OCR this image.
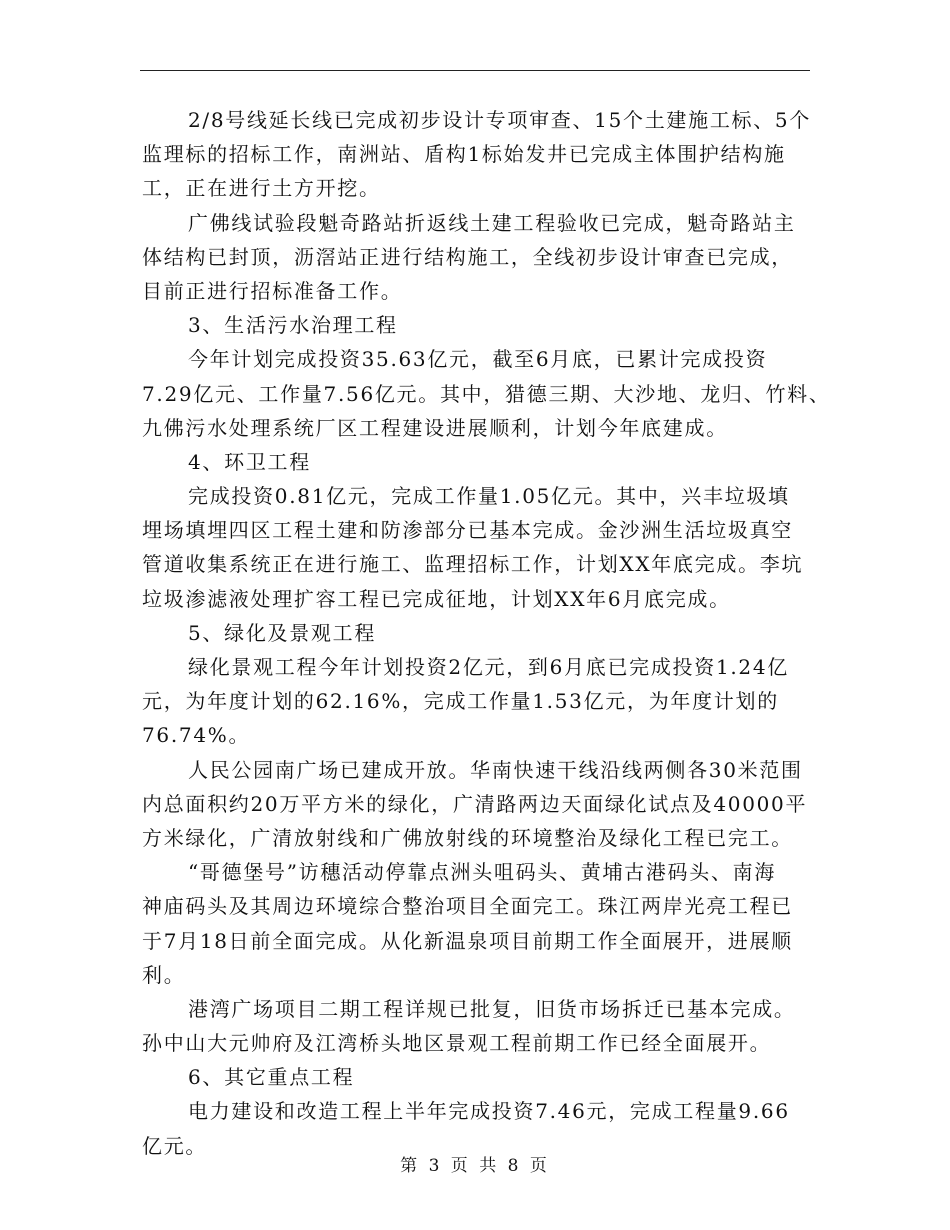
2/8号线延长线已完成初步设计专项审查、15个土建施工标、5个
监理标的招标工作，南洲站、盾构1标始发井已完成主体围护结构施
工，正在进行土方开挖。
广佛线试验段魁奇路站折返线土建工程验收已完成，魁奇路站主
体结构已封顶，沥滘站正进行结构施工，全线初步设计审查已完成，
目前正进行招标准备工作。
3、生活污水治理工程
今年计划完成投资35.63亿元，截至6月底，已累计完成投资
7.29亿元、工作量7.56亿元。其中，猎德三期、大沙地、龙归、竹料、
九佛污水处理系统厂区工程建设进展顺利，计划今年底建成。
4、环卫工程
完成投资0.81亿元，完成工作量1.05亿元。其中，兴丰垃圾填
埋场填埋四区工程土建和防渗部分已基本完成。金沙洲生活垃圾真空
管道收集系统正在进行施工、监理招标工作，计划XX年底完成。李坑
垃圾渗滤液处理扩容工程已完成征地，计划XX年6月底完成。
5、绿化及景观工程
绿化景观工程今年计划投资2亿元，到6月底已完成投资1.24亿
元，为年度计划的62.16%，完成工作量1.53亿元，为年度计划的
76.74%。
人民公园南广场已建成开放。华南快速干线沿线两侧各30米范围
内总面积约20万平方米的绿化，广清路两边天面绿化试点及40000平
方米绿化，广清放射线和广佛放射线的环境整治及绿化工程已完工。
“哥德堡号”访穗活动停靠点洲头咀码头、黄埔古港码头、南海
神庙码头及其周边环境综合整治项目全面完工。珠江两岸光亮工程已
于7月18日前全面完成。从化新温泉项目前期工作全面展开，进展顺
利。
港湾广场项目二期工程详规已批复，旧货市场拆迁已基本完成。
孙中山大元帅府及江湾桥头地区景观工程前期工作已经全面展开。
6、其它重点工程
电力建设和改造工程上半年完成投资7.46元，完成工程量9.66
亿元。
第 3 页 共 8 页
